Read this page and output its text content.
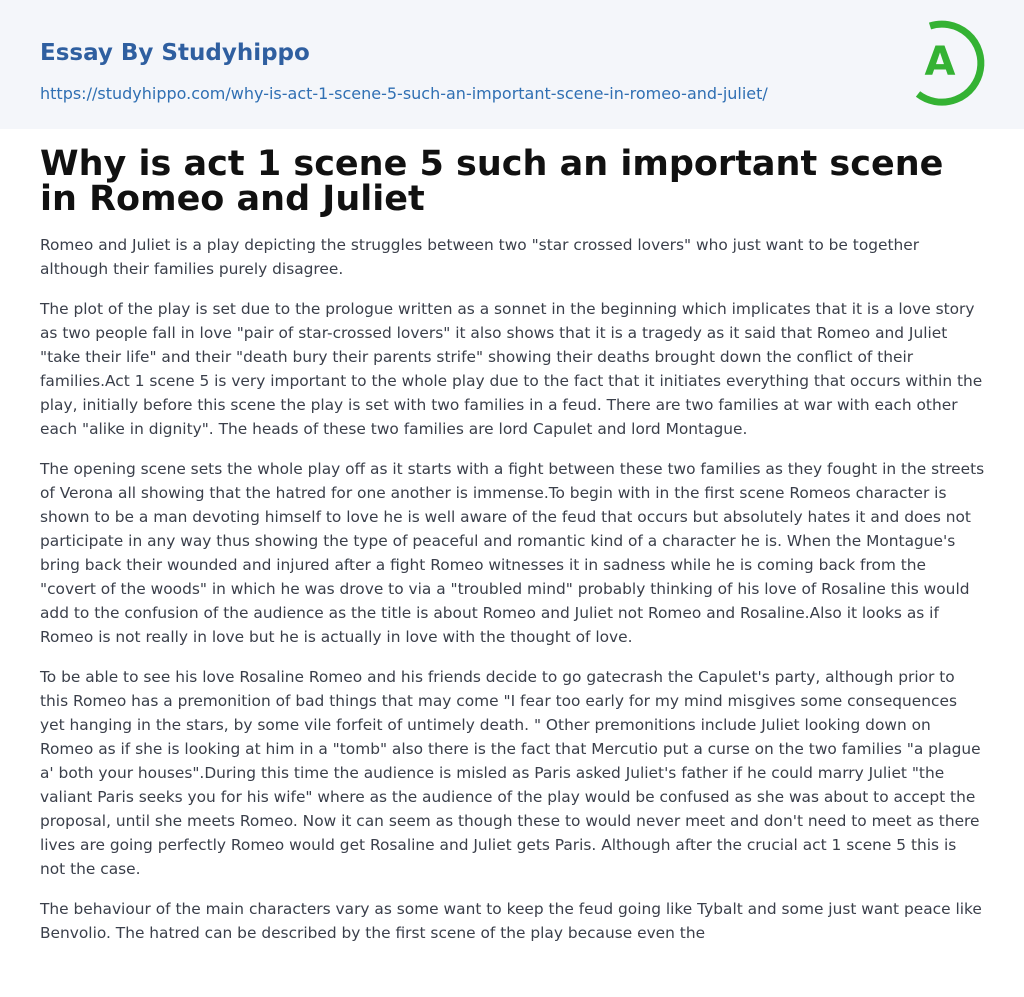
Essay By Studyhippo
https://studyhippo.com/why-is-act-1-scene-5-such-an-important-scene-in-romeo-and-juliet/
A
Why is act 1 scene 5 such an important scene in Romeo and Juliet

Romeo and Juliet is a play depicting the struggles between two "star crossed lovers" who just want to be together although their families purely disagree.

The plot of the play is set due to the prologue written as a sonnet in the beginning which implicates that it is a love story as two people fall in love "pair of star-crossed lovers" it also shows that it is a tragedy as it said that Romeo and Juliet "take their life" and their "death bury their parents strife" showing their deaths brought down the conflict of their families.Act 1 scene 5 is very important to the whole play due to the fact that it initiates everything that occurs within the play, initially before this scene the play is set with two families in a feud. There are two families at war with each other each "alike in dignity". The heads of these two families are lord Capulet and lord Montague.

The opening scene sets the whole play off as it starts with a fight between these two families as they fought in the streets of Verona all showing that the hatred for one another is immense.To begin with in the first scene Romeos character is shown to be a man devoting himself to love he is well aware of the feud that occurs but absolutely hates it and does not participate in any way thus showing the type of peaceful and romantic kind of a character he is. When the Montague's bring back their wounded and injured after a fight Romeo witnesses it in sadness while he is coming back from the "covert of the woods" in which he was drove to via a "troubled mind" probably thinking of his love of Rosaline this would add to the confusion of the audience as the title is about Romeo and Juliet not Romeo and Rosaline.Also it looks as if Romeo is not really in love but he is actually in love with the thought of love.

To be able to see his love Rosaline Romeo and his friends decide to go gatecrash the Capulet's party, although prior to this Romeo has a premonition of bad things that may come "I fear too early for my mind misgives some consequences yet hanging in the stars, by some vile forfeit of untimely death. " Other premonitions include Juliet looking down on Romeo as if she is looking at him in a "tomb" also there is the fact that Mercutio put a curse on the two families "a plague a' both your houses".During this time the audience is misled as Paris asked Juliet's father if he could marry Juliet "the valiant Paris seeks you for his wife" where as the audience of the play would be confused as she was about to accept the proposal, until she meets Romeo. Now it can seem as though these to would never meet and don't need to meet as there lives are going perfectly Romeo would get Rosaline and Juliet gets Paris. Although after the crucial act 1 scene 5 this is not the case.

The behaviour of the main characters vary as some want to keep the feud going like Tybalt and some just want peace like Benvolio. The hatred can be described by the first scene of the play because even the
